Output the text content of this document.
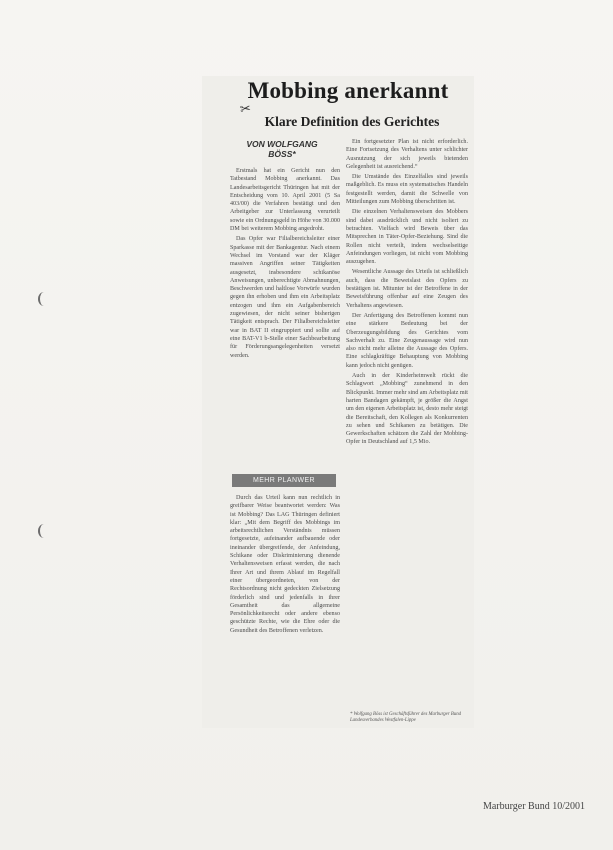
Mobbing anerkannt
✂
Klare Definition des Gerichtes
VON WOLFGANG BÖSS*

Erstmals hat ein Gericht nun den Tatbestand Mobbing anerkannt. Das Landesarbeitsgericht Thüringen hat mit der Entscheidung vom 10. April 2001 (5 Sa 403/00) die Verfahren bestätigt und den Arbeitgeber zur Unterlassung verurteilt sowie ein Ordnungsgeld in Höhe von 30.000 DM bei weiterem Mobbing angedroht.

Das Opfer war Filialbereichsleiter einer Sparkasse mit der Bankagentur. Nach einem Wechsel im Vorstand war der Kläger massiven Angriffen seiner Tätigkeiten ausgesetzt, insbesondere schikanöse Anweisungen, unberechtigte Abmahnungen, Beschwerden und haltlose Vorwürfe wurden gegen ihn erhoben und ihm ein Arbeitsplatz entzogen und ihm ein Aufgabenbereich zugewiesen, der nicht seiner bisherigen Tätigkeit entsprach. Der Filialbereichsleiter war in BAT II eingruppiert und sollte auf eine BAT-V1 b-Stelle einer Sachbearbeitung für Förderungsangelegenheiten versetzt werden.

MEHR PLANWER

Durch das Urteil kann nun rechtlich in greifbarer Weise beantwortet werden: Was ist Mobbing? Das LAG Thüringen definiert klar: „Mit dem Begriff des Mobbings im arbeitsrechtlichen Verständnis müssen fortgesetzte, aufeinander aufbauende oder ineinander übergreifende, der Anfeindung, Schikane oder Diskriminierung dienende Verhaltensweisen erfasst werden, die nach Ihrer Art und ihrem Ablauf im Regelfall einer übergeordneten, von der Rechtsordnung nicht gedeckten Zielsetzung förderlich sind und jedenfalls in ihrer Gesamtheit das allgemeine Persönlichkeitsrecht oder andere ebenso geschützte Rechte, wie die Ehre oder die Gesundheit des Betroffenen verletzen.

Ein fortgesetzter Plan ist nicht erforderlich. Eine Fortsetzung des Verhaltens unter schlichter Ausnutzung der sich jeweils bietenden Gelegenheit ist ausreichend.“

Die Umstände des Einzelfalles sind jeweils maßgeblich. Es muss ein systematisches Handeln festgestellt werden, damit die Schwelle von Mitteilungen zum Mobbing überschritten ist.

Die einzelnen Verhaltensweisen des Mobbers sind dabei ausdrücklich und nicht isoliert zu betrachten. Vielfach wird Beweis über das Mitsprechen in Täter-Opfer-Beziehung. Sind die Rollen nicht verteilt, indem wechselseitige Anfeindungen vorliegen, ist nicht vom Mobbing auszugehen.

Wesentliche Aussage des Urteils ist schließlich auch, dass die Beweislast des Opfers zu bestätigen ist. Mitunter ist der Betroffene in der Beweisführung offenbar auf eine Zeugen des Verhaltens angewiesen.

Der Anfertigung des Betroffenen kommt nun eine stärkere Bedeutung bei der Überzeugungsbildung des Gerichtes vom Sachverhalt zu. Eine Zeugenaussage wird nun also nicht mehr alleine die Aussage des Opfers. Eine schlagkräftige Behauptung von Mobbing kann jedoch nicht genügen.

Auch in der Kinderheimwelt rückt die Schlagwort „Mobbing“ zunehmend in den Blickpunkt. Immer mehr sind am Arbeitsplatz mit harten Bandagen gekämpft, je größer die Angst um den eigenen Arbeitsplatz ist, desto mehr steigt die Bereitschaft, den Kollegen als Konkurrenten zu sehen und Schikanen zu betätigen. Die Gewerkschaften schätzen die Zahl der Mobbing-Opfer in Deutschland auf 1,5 Mio.

* Wolfgang Böss ist Geschäftsführer des Marburger Bund Landesverbandes Westfalen-Lippe
Marburger Bund 10/2001
